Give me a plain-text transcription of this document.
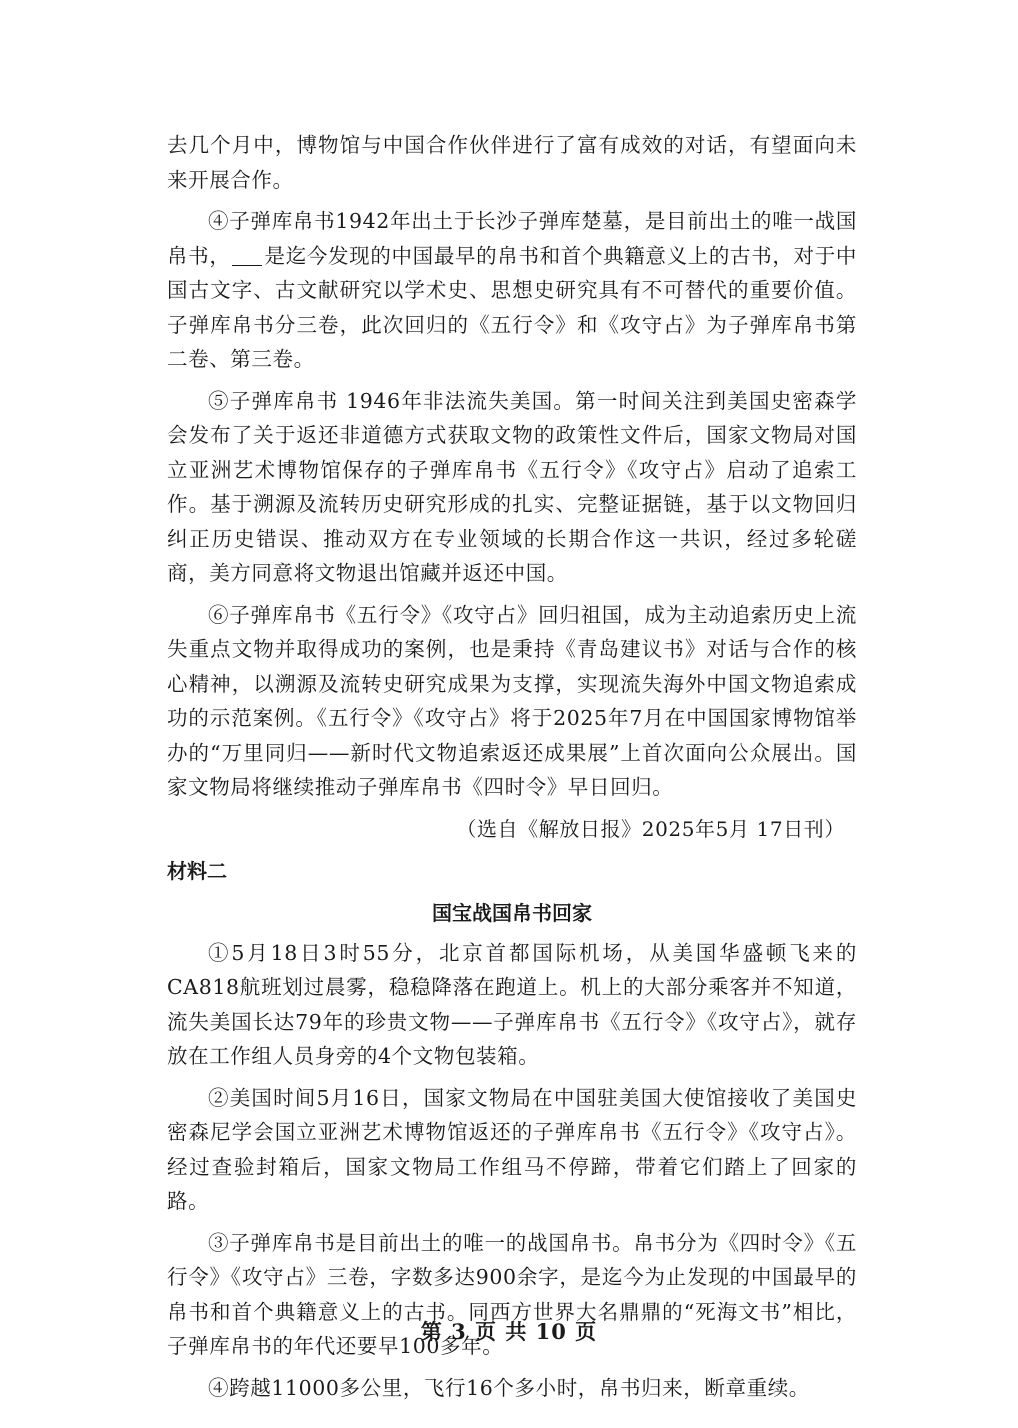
去几个月中，博物馆与中国合作伙伴进行了富有成效的对话，有望面向未来开展合作。

④子弹库帛书1942年出土于长沙子弹库楚墓，是目前出土的唯一战国帛书， 是迄今发现的中国最早的帛书和首个典籍意义上的古书，对于中国古文字、古文献研究以学术史、思想史研究具有不可替代的重要价值。子弹库帛书分三卷，此次回归的《五行令》和《攻守占》为子弹库帛书第二卷、第三卷。

⑤子弹库帛书 1946年非法流失美国。第一时间关注到美国史密森学会发布了关于返还非道德方式获取文物的政策性文件后，国家文物局对国立亚洲艺术博物馆保存的子弹库帛书《五行令》《攻守占》启动了追索工作。基于溯源及流转历史研究形成的扎实、完整证据链，基于以文物回归纠正历史错误、推动双方在专业领域的长期合作这一共识，经过多轮磋商，美方同意将文物退出馆藏并返还中国。

⑥子弹库帛书《五行令》《攻守占》回归祖国，成为主动追索历史上流失重点文物并取得成功的案例，也是秉持《青岛建议书》对话与合作的核心精神，以溯源及流转史研究成果为支撑，实现流失海外中国文物追索成功的示范案例。《五行令》《攻守占》将于2025年7月在中国国家博物馆举办的“万里同归——新时代文物追索返还成果展”上首次面向公众展出。国家文物局将继续推动子弹库帛书《四时令》早日回归。

（选自《解放日报》2025年5月 17日刊）

材料二

国宝战国帛书回家

①5月18日3时55分，北京首都国际机场，从美国华盛顿飞来的CA818航班划过晨雾，稳稳降落在跑道上。机上的大部分乘客并不知道，流失美国长达79年的珍贵文物——子弹库帛书《五行令》《攻守占》，就存放在工作组人员身旁的4个文物包装箱。

②美国时间5月16日，国家文物局在中国驻美国大使馆接收了美国史密森尼学会国立亚洲艺术博物馆返还的子弹库帛书《五行令》《攻守占》。经过查验封箱后，国家文物局工作组马不停蹄，带着它们踏上了回家的路。

③子弹库帛书是目前出土的唯一的战国帛书。帛书分为《四时令》《五行令》《攻守占》三卷，字数多达900余字，是迄今为止发现的中国最早的帛书和首个典籍意义上的古书。同西方世界大名鼎鼎的“死海文书”相比，子弹库帛书的年代还要早100多年。

④跨越11000多公里，飞行16个多小时，帛书归来，断章重续。

第 3 页 共 10 页
